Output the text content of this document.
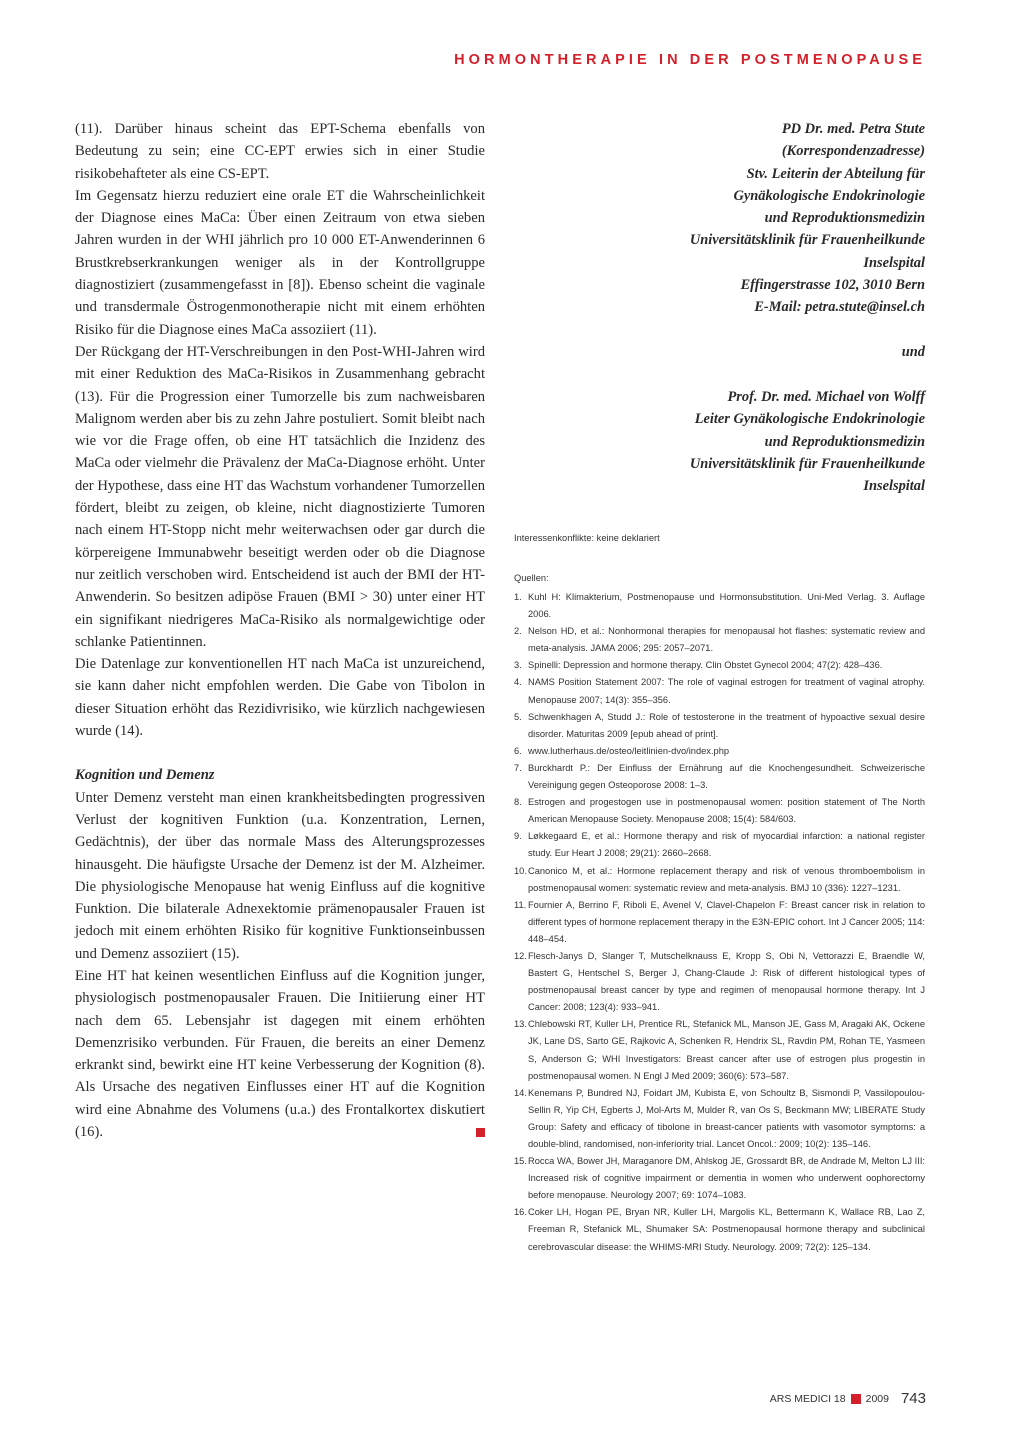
HORMONTHERAPIE IN DER POSTMENOPAUSE

(11). Darüber hinaus scheint das EPT-Schema ebenfalls von Bedeutung zu sein; eine CC-EPT erwies sich in einer Studie risikobehafteter als eine CS-EPT.

Im Gegensatz hierzu reduziert eine orale ET die Wahrscheinlichkeit der Diagnose eines MaCa: Über einen Zeitraum von etwa sieben Jahren wurden in der WHI jährlich pro 10 000 ET-Anwenderinnen 6 Brustkrebserkrankungen weniger als in der Kontrollgruppe diagnostiziert (zusammengefasst in [8]). Ebenso scheint die vaginale und transdermale Östrogenmonotherapie nicht mit einem erhöhten Risiko für die Diagnose eines MaCa assoziiert (11).

Der Rückgang der HT-Verschreibungen in den Post-WHI-Jahren wird mit einer Reduktion des MaCa-Risikos in Zusammenhang gebracht (13). Für die Progression einer Tumorzelle bis zum nachweisbaren Malignom werden aber bis zu zehn Jahre postuliert. Somit bleibt nach wie vor die Frage offen, ob eine HT tatsächlich die Inzidenz des MaCa oder vielmehr die Prävalenz der MaCa-Diagnose erhöht. Unter der Hypothese, dass eine HT das Wachstum vorhandener Tumorzellen fördert, bleibt zu zeigen, ob kleine, nicht diagnostizierte Tumoren nach einem HT-Stopp nicht mehr weiterwachsen oder gar durch die körpereigene Immunabwehr beseitigt werden oder ob die Diagnose nur zeitlich verschoben wird. Entscheidend ist auch der BMI der HT-Anwenderin. So besitzen adipöse Frauen (BMI > 30) unter einer HT ein signifikant niedrigeres MaCa-Risiko als normalgewichtige oder schlanke Patientinnen.

Die Datenlage zur konventionellen HT nach MaCa ist unzureichend, sie kann daher nicht empfohlen werden. Die Gabe von Tibolon in dieser Situation erhöht das Rezidivrisiko, wie kürzlich nachgewiesen wurde (14).

Kognition und Demenz

Unter Demenz versteht man einen krankheitsbedingten progressiven Verlust der kognitiven Funktion (u.a. Konzentration, Lernen, Gedächtnis), der über das normale Mass des Alterungsprozesses hinausgeht. Die häufigste Ursache der Demenz ist der M. Alzheimer. Die physiologische Menopause hat wenig Einfluss auf die kognitive Funktion. Die bilaterale Adnexektomie prämenopausaler Frauen ist jedoch mit einem erhöhten Risiko für kognitive Funktionseinbussen und Demenz assoziiert (15).

Eine HT hat keinen wesentlichen Einfluss auf die Kognition junger, physiologisch postmenopausaler Frauen. Die Initiierung einer HT nach dem 65. Lebensjahr ist dagegen mit einem erhöhten Demenzrisiko verbunden. Für Frauen, die bereits an einer Demenz erkrankt sind, bewirkt eine HT keine Verbesserung der Kognition (8). Als Ursache des negativen Einflusses einer HT auf die Kognition wird eine Abnahme des Volumens (u.a.) des Frontalkortex diskutiert (16).

PD Dr. med. Petra Stute

(Korrespondenzadresse)

Stv. Leiterin der Abteilung für

Gynäkologische Endokrinologie

und Reproduktionsmedizin

Universitätsklinik für Frauenheilkunde

Inselspital

Effingerstrasse 102, 3010 Bern

E-Mail: petra.stute@insel.ch

und

Prof. Dr. med. Michael von Wolff

Leiter Gynäkologische Endokrinologie

und Reproduktionsmedizin

Universitätsklinik für Frauenheilkunde

Inselspital

Interessenkonflikte: keine deklariert
Quellen:
1. Kuhl H: Klimakterium, Postmenopause und Hormonsubstitution. Uni-Med Verlag. 3. Auflage 2006.
2. Nelson HD, et al.: Nonhormonal therapies for menopausal hot flashes: systematic review and meta-analysis. JAMA 2006; 295: 2057–2071.
3. Spinelli: Depression and hormone therapy. Clin Obstet Gynecol 2004; 47(2): 428–436.
4. NAMS Position Statement 2007: The role of vaginal estrogen for treatment of vaginal atrophy. Menopause 2007; 14(3): 355–356.
5. Schwenkhagen A, Studd J.: Role of testosterone in the treatment of hypoactive sexual desire disorder. Maturitas 2009 [epub ahead of print].
6. www.lutherhaus.de/osteo/leitlinien-dvo/index.php
7. Burckhardt P.: Der Einfluss der Ernährung auf die Knochengesundheit. Schweizerische Vereinigung gegen Osteoporose 2008: 1–3.
8. Estrogen and progestogen use in postmenopausal women: position statement of The North American Menopause Society. Menopause 2008; 15(4): 584/603.
9. Løkkegaard E, et al.: Hormone therapy and risk of myocardial infarction: a national register study. Eur Heart J 2008; 29(21): 2660–2668.
10. Canonico M, et al.: Hormone replacement therapy and risk of venous thromboembolism in postmenopausal women: systematic review and meta-analysis. BMJ 10 (336): 1227–1231.
11. Fournier A, Berrino F, Riboli E, Avenel V, Clavel-Chapelon F: Breast cancer risk in relation to different types of hormone replacement therapy in the E3N-EPIC cohort. Int J Cancer 2005; 114: 448–454.
12. Flesch-Janys D, Slanger T, Mutschelknauss E, Kropp S, Obi N, Vettorazzi E, Braendle W, Bastert G, Hentschel S, Berger J, Chang-Claude J: Risk of different histological types of postmenopausal breast cancer by type and regimen of menopausal hormone therapy. Int J Cancer: 2008; 123(4): 933–941.
13. Chlebowski RT, Kuller LH, Prentice RL, Stefanick ML, Manson JE, Gass M, Aragaki AK, Ockene JK, Lane DS, Sarto GE, Rajkovic A, Schenken R, Hendrix SL, Ravdin PM, Rohan TE, Yasmeen S, Anderson G; WHI Investigators: Breast cancer after use of estrogen plus progestin in postmenopausal women. N Engl J Med 2009; 360(6): 573–587.
14. Kenemans P, Bundred NJ, Foidart JM, Kubista E, von Schoultz B, Sismondi P, Vassilopoulou-Sellin R, Yip CH, Egberts J, Mol-Arts M, Mulder R, van Os S, Beckmann MW; LIBERATE Study Group: Safety and efficacy of tibolone in breast-cancer patients with vasomotor symptoms: a double-blind, randomised, non-inferiority trial. Lancet Oncol.: 2009; 10(2): 135–146.
15. Rocca WA, Bower JH, Maraganore DM, Ahlskog JE, Grossardt BR, de Andrade M, Melton LJ III: Increased risk of cognitive impairment or dementia in women who underwent oophorectomy before menopause. Neurology 2007; 69: 1074–1083.
16. Coker LH, Hogan PE, Bryan NR, Kuller LH, Margolis KL, Bettermann K, Wallace RB, Lao Z, Freeman R, Stefanick ML, Shumaker SA: Postmenopausal hormone therapy and subclinical cerebrovascular disease: the WHIMS-MRI Study. Neurology. 2009; 72(2): 125–134.
ARS MEDICI 18 2009 743
